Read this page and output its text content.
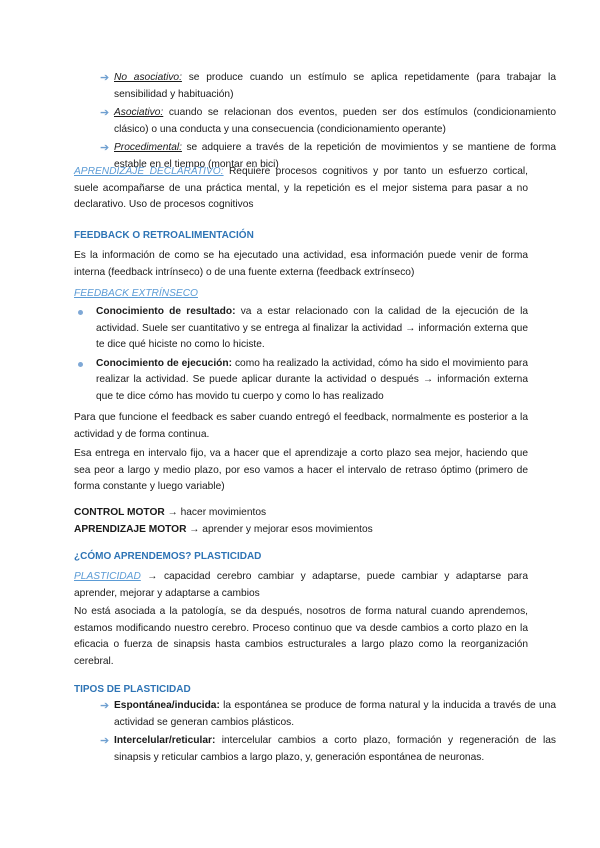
➔ No asociativo: se produce cuando un estímulo se aplica repetidamente (para trabajar la sensibilidad y habituación)

➔ Asociativo: cuando se relacionan dos eventos, pueden ser dos estímulos (condicionamiento clásico) o una conducta y una consecuencia (condicionamiento operante)

➔ Procedimental: se adquiere a través de la repetición de movimientos y se mantiene de forma estable en el tiempo (montar en bici)

APRENDIZAJE DECLARATIVO: Requiere procesos cognitivos y por tanto un esfuerzo cortical, suele acompañarse de una práctica mental, y la repetición es el mejor sistema para pasar a no declarativo. Uso de procesos cognitivos

FEEDBACK O RETROALIMENTACIÓN

Es la información de como se ha ejecutado una actividad, esa información puede venir de forma interna (feedback intrínseco) o de una fuente externa (feedback extrínseco)

FEEDBACK EXTRÍNSECO

Conocimiento de resultado: va a estar relacionado con la calidad de la ejecución de la actividad. Suele ser cuantitativo y se entrega al finalizar la actividad → información externa que te dice qué hiciste no como lo hiciste.

Conocimiento de ejecución: como ha realizado la actividad, cómo ha sido el movimiento para realizar la actividad. Se puede aplicar durante la actividad o después → información externa que te dice cómo has movido tu cuerpo y como lo has realizado

Para que funcione el feedback es saber cuando entregó el feedback, normalmente es posterior a la actividad y de forma continua.

Esa entrega en intervalo fijo, va a hacer que el aprendizaje a corto plazo sea mejor, haciendo que sea peor a largo y medio plazo, por eso vamos a hacer el intervalo de retraso óptimo (primero de forma constante y luego variable)

CONTROL MOTOR → hacer movimientos

APRENDIZAJE MOTOR → aprender y mejorar esos movimientos

¿CÓMO APRENDEMOS? PLASTICIDAD

PLASTICIDAD → capacidad cerebro cambiar y adaptarse, puede cambiar y adaptarse para aprender, mejorar y adaptarse a cambios

No está asociada a la patología, se da después, nosotros de forma natural cuando aprendemos, estamos modificando nuestro cerebro. Proceso continuo que va desde cambios a corto plazo en la eficacia o fuerza de sinapsis hasta cambios estructurales a largo plazo como la reorganización cerebral.

TIPOS DE PLASTICIDAD

➔ Espontánea/inducida: la espontánea se produce de forma natural y la inducida a través de una actividad se generan cambios plásticos.

➔ Intercelular/reticular: intercelular cambios a corto plazo, formación y regeneración de las sinapsis y reticular cambios a largo plazo, y, generación espontánea de neuronas.
